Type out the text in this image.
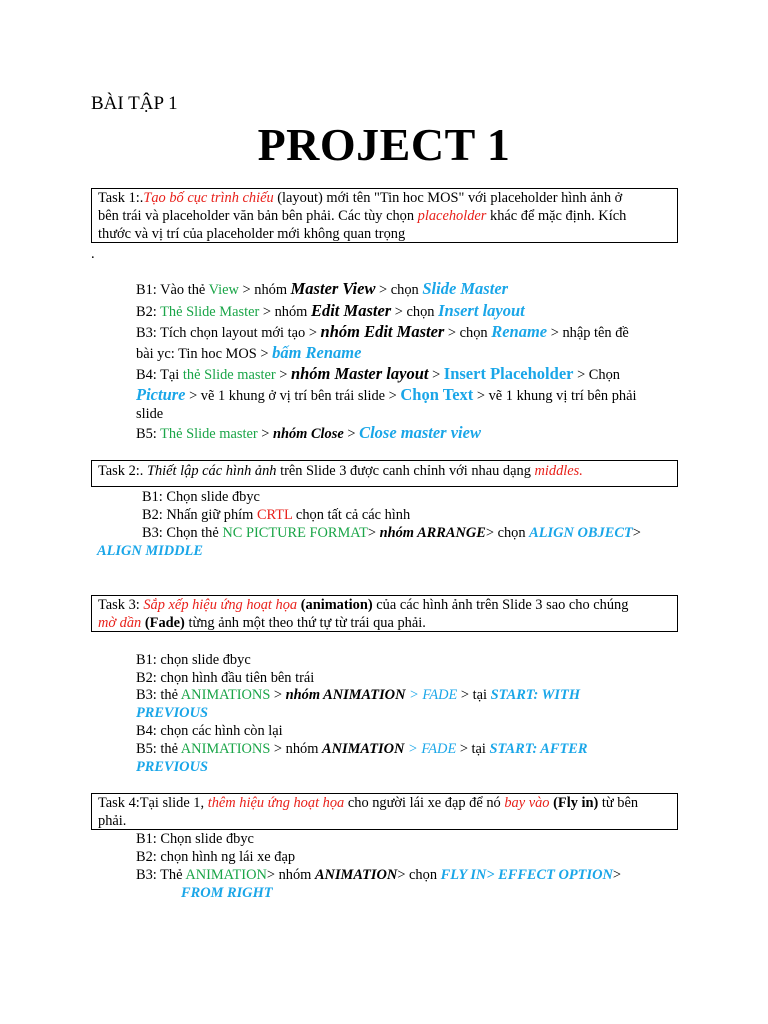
BÀI TẬP 1
PROJECT 1
Task 1:.Tạo bố cục trình chiếu (layout) mới tên "Tin hoc MOS" với placeholder hình ảnh ở
bên trái và placeholder văn bản bên phải. Các tùy chọn placeholder khác để mặc định. Kích
thước và vị trí của placeholder mới không quan trọng
.
B1: Vào thẻ View > nhóm Master View > chọn Slide Master
B2: Thẻ Slide Master > nhóm Edit Master > chọn Insert layout
B3: Tích chọn layout mới tạo > nhóm Edit Master > chọn Rename > nhập tên đề
bài yc: Tin hoc MOS > bấm Rename
B4: Tại thẻ Slide master > nhóm Master layout > Insert Placeholder > Chọn
Picture > vẽ 1 khung ở vị trí bên trái slide > Chọn Text > vẽ 1 khung vị trí bên phải
slide
B5: Thẻ Slide master > nhóm Close > Close master view
Task 2:. Thiết lập các hình ảnh trên Slide 3 được canh chỉnh với nhau dạng middles.
B1: Chọn slide đbyc
B2: Nhấn giữ phím CRTL chọn tất cả các hình
B3: Chọn thẻ NC PICTURE FORMAT> nhóm ARRANGE> chọn ALIGN OBJECT>
ALIGN MIDDLE
Task 3: Sắp xếp hiệu ứng hoạt họa (animation) của các hình ảnh trên Slide 3 sao cho chúng
mờ dần (Fade) từng ảnh một theo thứ tự từ trái qua phải.
B1: chọn slide đbyc
B2: chọn hình đầu tiên bên trái
B3: thẻ ANIMATIONS > nhóm ANIMATION > FADE > tại START: WITH
PREVIOUS
B4: chọn các hình còn lại
B5: thẻ ANIMATIONS > nhóm ANIMATION > FADE > tại START: AFTER
PREVIOUS
Task 4:Tại slide 1, thêm hiệu ứng hoạt họa cho người lái xe đạp để nó bay vào (Fly in) từ bên
phải.
B1: Chọn slide đbyc
B2: chọn hình ng lái xe đạp
B3: Thẻ ANIMATION> nhóm ANIMATION> chọn FLY IN> EFFECT OPTION>
FROM RIGHT
